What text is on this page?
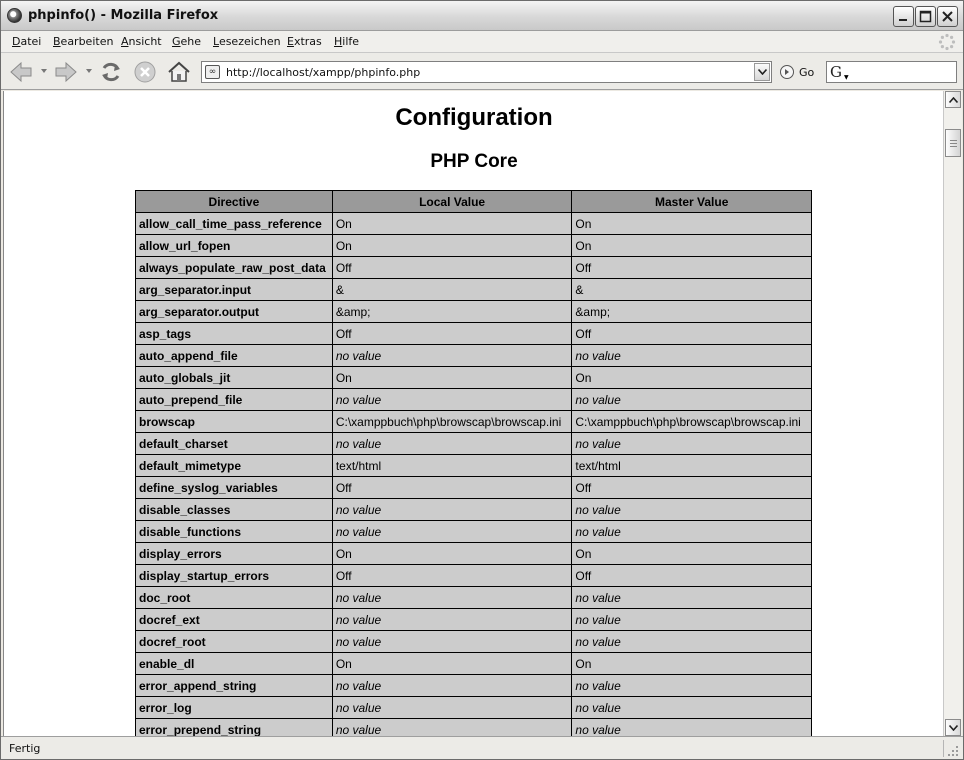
phpinfo() - Mozilla Firefox
Datei Bearbeiten Ansicht Gehe Lesezeichen Extras Hilfe
∞ http://localhost/xampp/phpinfo.php	Go G ▼
Configuration
PHP Core
Directive	Local Value	Master Value
allow_call_time_pass_reference	On	On
allow_url_fopen	On	On
always_populate_raw_post_data	Off	Off
arg_separator.input	&	&
arg_separator.output	&amp;	&amp;
asp_tags	Off	Off
auto_append_file	no value	no value
auto_globals_jit	On	On
auto_prepend_file	no value	no value
browscap	C:\xamppbuch\php\browscap\browscap.ini	C:\xamppbuch\php\browscap\browscap.ini
default_charset	no value	no value
default_mimetype	text/html	text/html
define_syslog_variables	Off	Off
disable_classes	no value	no value
disable_functions	no value	no value
display_errors	On	On
display_startup_errors	Off	Off
doc_root	no value	no value
docref_ext	no value	no value
docref_root	no value	no value
enable_dl	On	On
error_append_string	no value	no value
error_log	no value	no value
error_prepend_string	no value	no value
Fertig
